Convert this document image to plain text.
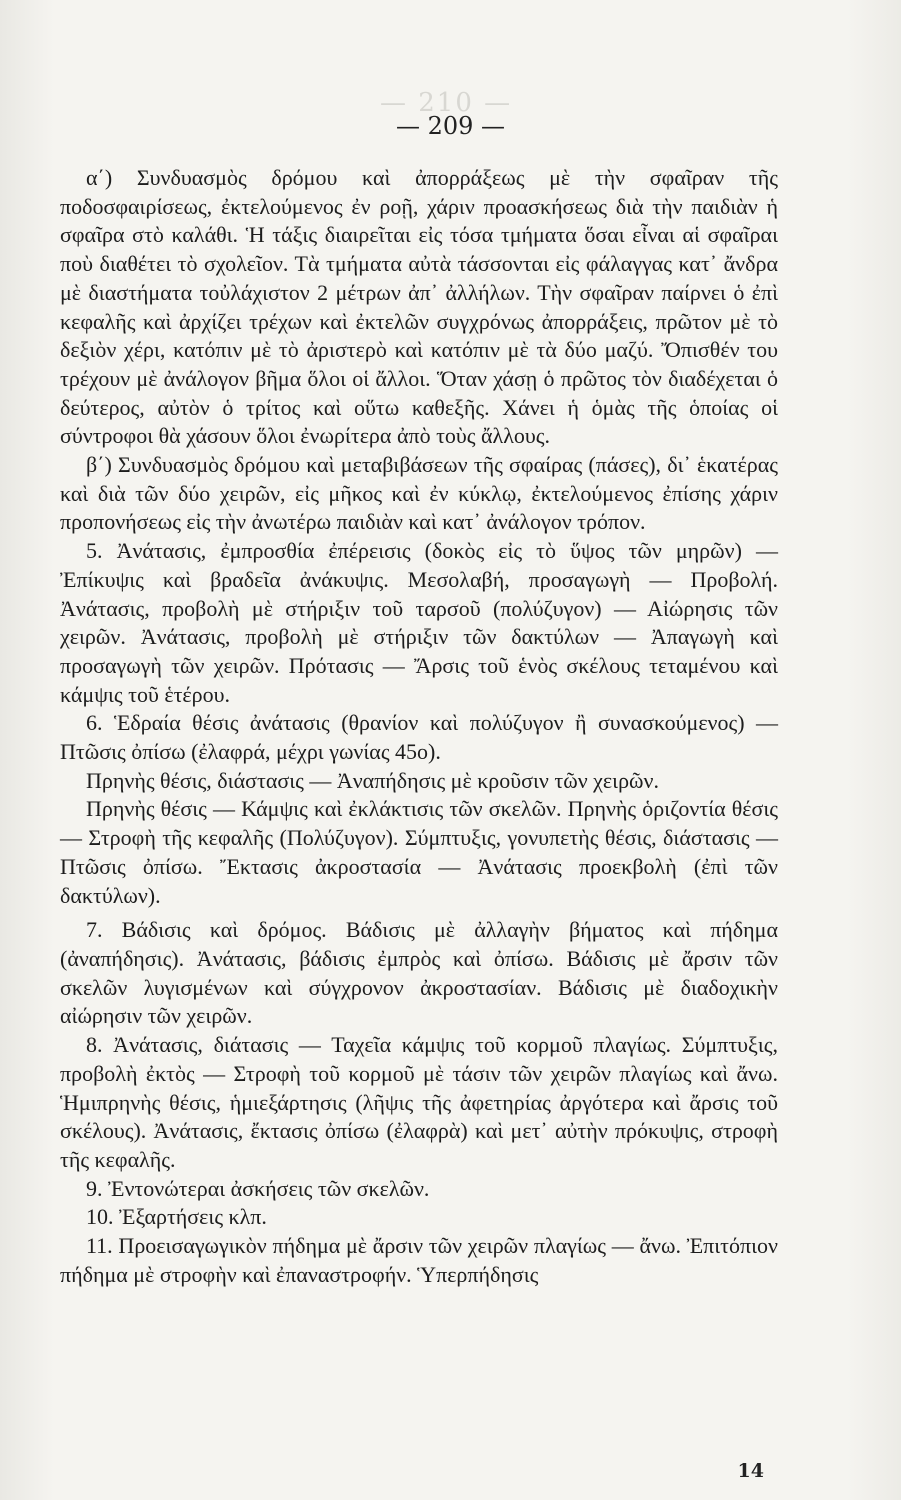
— 210 —
— 209 —

α΄) Συνδυασμὸς δρόμου καὶ ἀπορράξεως μὲ τὴν σφαῖραν τῆς ποδοσφαιρίσεως, ἐκτελούμενος ἐν ροῇ, χάριν προασκήσεως διὰ τὴν παιδιὰν ἡ σφαῖρα στὸ καλάθι. Ἡ τάξις διαιρεῖται εἰς τόσα τμήματα ὅσαι εἶναι αἱ σφαῖραι ποὺ διαθέτει τὸ σχολεῖον. Τὰ τμήματα αὐτὰ τάσσονται εἰς φάλαγγας κατ᾽ ἄνδρα μὲ διαστήματα τοὐλάχιστον 2 μέτρων ἀπ᾽ ἀλλήλων. Τὴν σφαῖραν παίρνει ὁ ἐπὶ κεφαλῆς καὶ ἀρχίζει τρέχων καὶ ἐκτελῶν συγχρόνως ἀπορράξεις, πρῶτον μὲ τὸ δεξιὸν χέρι, κατόπιν μὲ τὸ ἀριστερὸ καὶ κατόπιν μὲ τὰ δύο μαζύ. Ὄπισθέν του τρέχουν μὲ ἀνάλογον βῆμα ὅλοι οἱ ἄλλοι. Ὅταν χάσῃ ὁ πρῶτος τὸν διαδέχεται ὁ δεύτερος, αὐτὸν ὁ τρίτος καὶ οὕτω καθεξῆς. Χάνει ἡ ὁμὰς τῆς ὁποίας οἱ σύντροφοι θὰ χάσουν ὅλοι ἐνωρίτερα ἀπὸ τοὺς ἄλλους.

β΄) Συνδυασμὸς δρόμου καὶ μεταβιβάσεων τῆς σφαίρας (πάσες), δι᾽ ἑκατέρας καὶ διὰ τῶν δύο χειρῶν, εἰς μῆκος καὶ ἐν κύκλῳ, ἐκτελούμενος ἐπίσης χάριν προπονήσεως εἰς τὴν ἀνωτέρω παιδιὰν καὶ κατ᾽ ἀνάλογον τρόπον.

5. Ἀνάτασις, ἐμπροσθία ἐπέρεισις (δοκὸς εἰς τὸ ὕψος τῶν μηρῶν) — Ἐπίκυψις καὶ βραδεῖα ἀνάκυψις. Μεσολαβή, προσαγωγὴ — Προβολή. Ἀνάτασις, προβολὴ μὲ στήριξιν τοῦ ταρσοῦ (πολύζυγον) — Αἰώρησις τῶν χειρῶν. Ἀνάτασις, προβολὴ μὲ στήριξιν τῶν δακτύλων — Ἀπαγωγὴ καὶ προσαγωγὴ τῶν χειρῶν. Πρότασις — Ἄρσις τοῦ ἑνὸς σκέλους τεταμένου καὶ κάμψις τοῦ ἑτέρου.

6. Ἑδραία θέσις ἀνάτασις (θρανίον καὶ πολύζυγον ἢ συνασκούμενος) — Πτῶσις ὀπίσω (ἐλαφρά, μέχρι γωνίας 45ο).

Πρηνὴς θέσις, διάστασις — Ἀναπήδησις μὲ κροῦσιν τῶν χειρῶν.

Πρηνὴς θέσις — Κάμψις καὶ ἐκλάκτισις τῶν σκελῶν. Πρηνὴς ὁριζοντία θέσις — Στροφὴ τῆς κεφαλῆς (Πολύζυγον). Σύμπτυξις, γονυπετὴς θέσις, διάστασις — Πτῶσις ὀπίσω. Ἔκτασις ἀκροστασία — Ἀνάτασις προεκβολὴ (ἐπὶ τῶν δακτύλων).

7. Βάδισις καὶ δρόμος. Βάδισις μὲ ἀλλαγὴν βήματος καὶ πήδημα (ἀναπήδησις). Ἀνάτασις, βάδισις ἐμπρὸς καὶ ὀπίσω. Βάδισις μὲ ἄρσιν τῶν σκελῶν λυγισμένων καὶ σύγχρονον ἀκροστασίαν. Βάδισις μὲ διαδοχικὴν αἰώρησιν τῶν χειρῶν.

8. Ἀνάτασις, διάτασις — Ταχεῖα κάμψις τοῦ κορμοῦ πλαγίως. Σύμπτυξις, προβολὴ ἐκτὸς — Στροφὴ τοῦ κορμοῦ μὲ τάσιν τῶν χειρῶν πλαγίως καὶ ἄνω. Ἡμιπρηνὴς θέσις, ἡμιεξάρτησις (λῆψις τῆς ἀφετηρίας ἀργότερα καὶ ἄρσις τοῦ σκέλους). Ἀνάτασις, ἔκτασις ὀπίσω (ἐλαφρὰ) καὶ μετ᾽ αὐτὴν πρόκυψις, στροφὴ τῆς κεφαλῆς.

9. Ἐντονώτεραι ἀσκήσεις τῶν σκελῶν.

10. Ἐξαρτήσεις κλπ.

11. Προεισαγωγικὸν πήδημα μὲ ἄρσιν τῶν χειρῶν πλαγίως — ἄνω. Ἐπιτόπιον πήδημα μὲ στροφὴν καὶ ἐπαναστροφήν. Ὑπερπήδησις

14
